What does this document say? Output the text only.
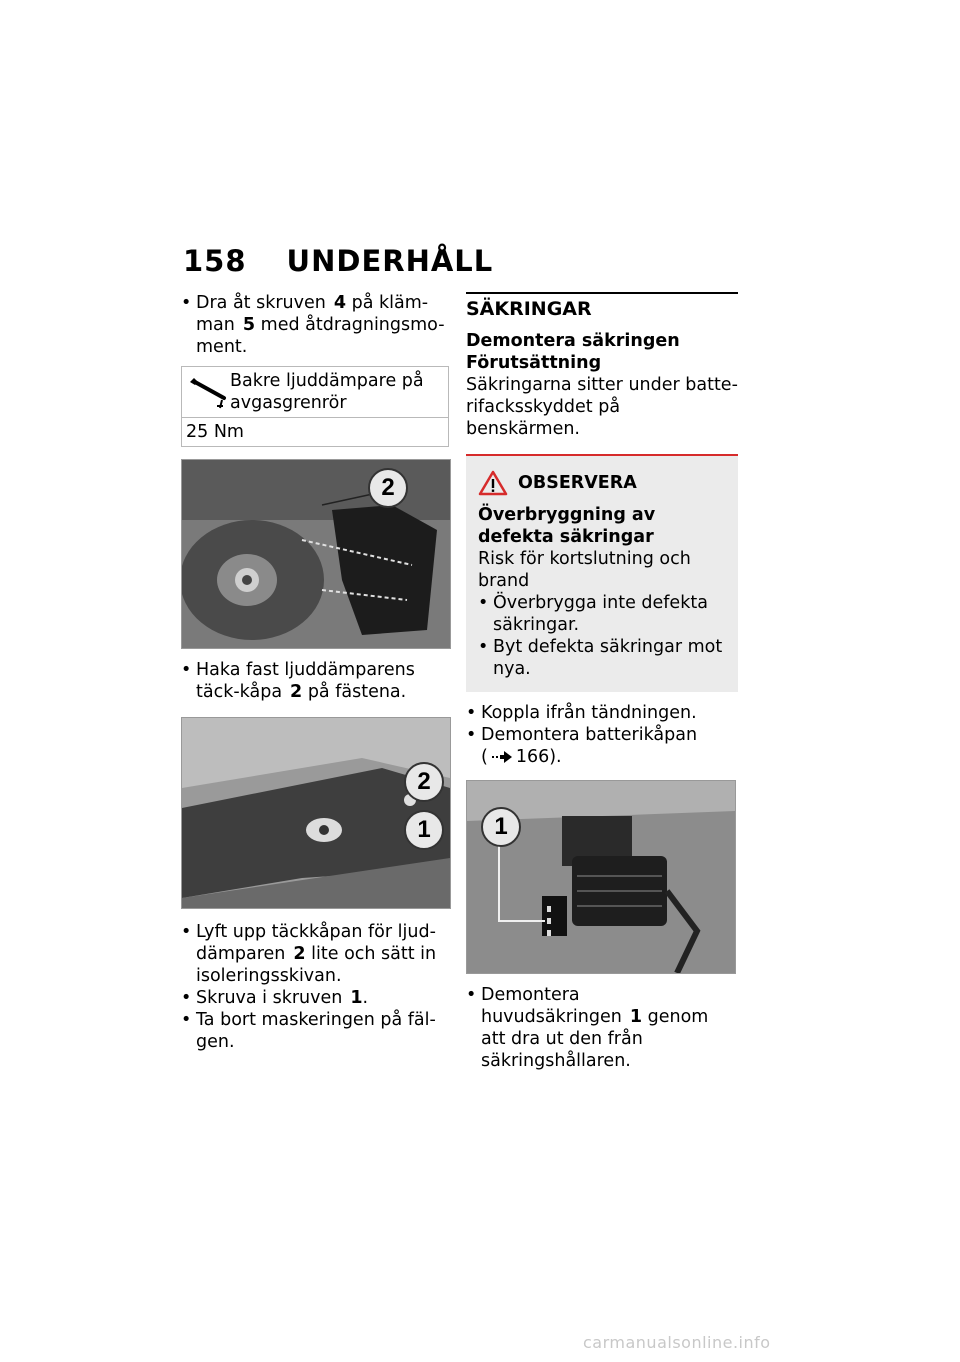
158 UNDERHÅLL
• Dra åt skruven 4 på kläm-man 5 med åtdragningsmo-ment.
Bakre ljuddämpare på avgasgrenrör

25 Nm
2
• Haka fast ljuddämparens täck-kåpa 2 på fästena.
2
1
• Lyft upp täckkåpan för ljud-dämparen 2 lite och sätt in isoleringsskivan.
• Skruva i skruven 1.
• Ta bort maskeringen på fäl-gen.
SÄKRINGAR
Demontera säkringen
Förutsättning
Säkringarna sitter under batte-rifacksskyddet på benskärmen.
OBSERVERA
Överbryggning av defekta säkringar
Risk för kortslutning och brand
• Överbrygga inte defekta säkringar.
• Byt defekta säkringar mot nya.
• Koppla ifrån tändningen.
• Demontera batterikåpan
( 166).
1
• Demontera huvudsäkringen 1 genom att dra ut den från säkringshållaren.
carmanualsonline.info
